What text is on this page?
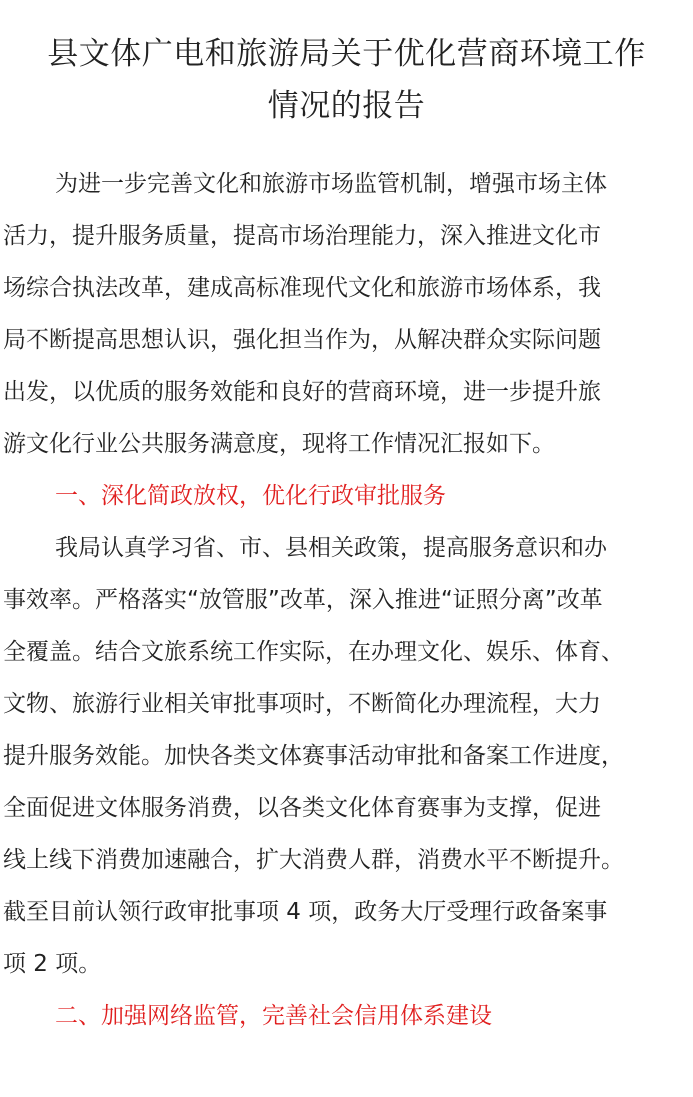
县文体广电和旅游局关于优化营商环境工作
情况的报告

为进一步完善文化和旅游市场监管机制，增强市场主体
活力，提升服务质量，提高市场治理能力，深入推进文化市
场综合执法改革，建成高标准现代文化和旅游市场体系，我
局不断提高思想认识，强化担当作为，从解决群众实际问题
出发，以优质的服务效能和良好的营商环境，进一步提升旅
游文化行业公共服务满意度，现将工作情况汇报如下。

一、深化简政放权，优化行政审批服务

我局认真学习省、市、县相关政策，提高服务意识和办
事效率。严格落实“放管服”改革，深入推进“证照分离”改革
全覆盖。结合文旅系统工作实际，在办理文化、娱乐、体育、
文物、旅游行业相关审批事项时，不断简化办理流程，大力
提升服务效能。加快各类文体赛事活动审批和备案工作进度，
全面促进文体服务消费，以各类文化体育赛事为支撑，促进
线上线下消费加速融合，扩大消费人群，消费水平不断提升。
截至目前认领行政审批事项 4 项，政务大厅受理行政备案事
项 2 项。

二、加强网络监管，完善社会信用体系建设
